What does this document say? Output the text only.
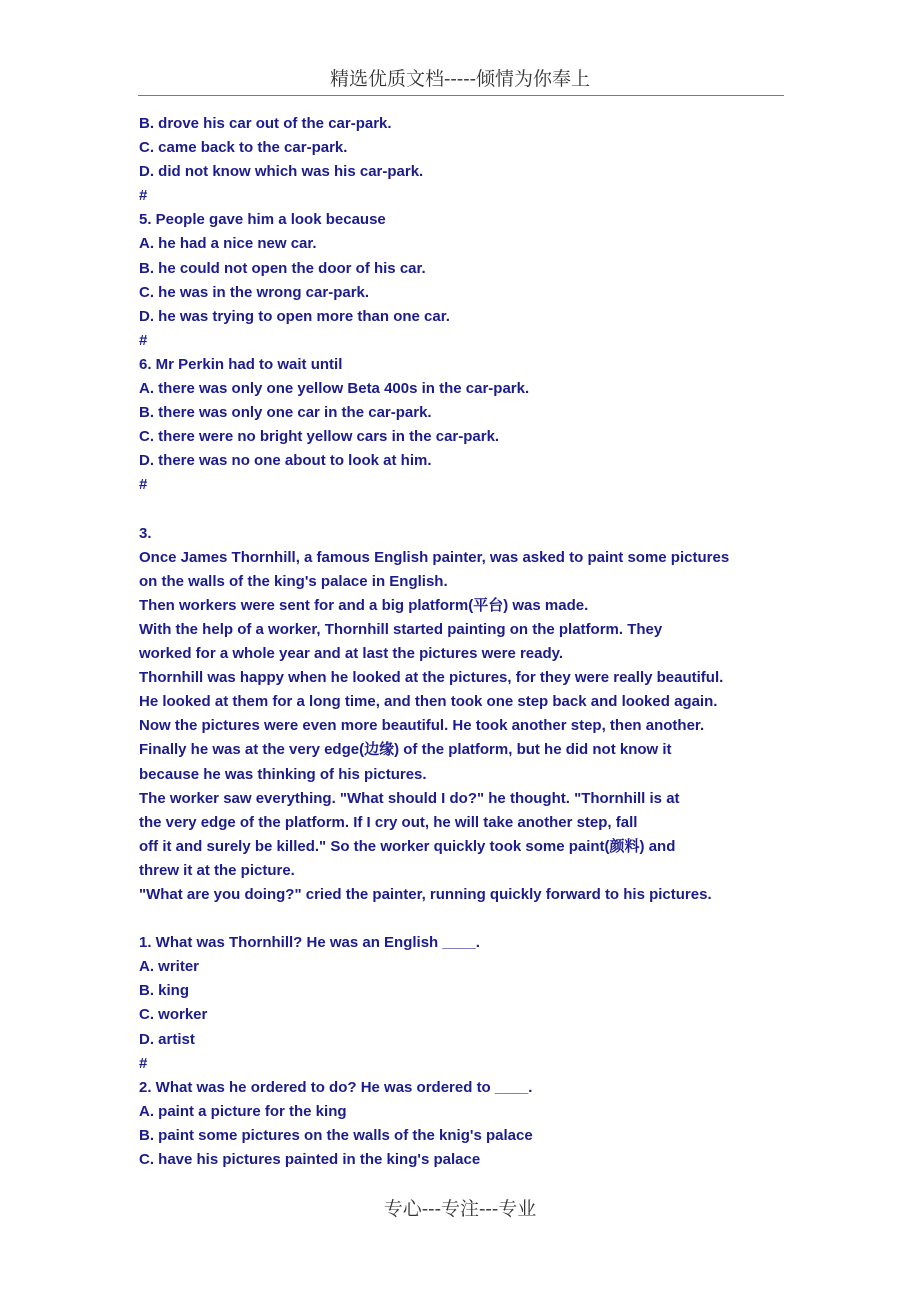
精选优质文档-----倾情为你奉上
B. drove his car out of the car-park.
C. came back to the car-park.
D. did not know which was his car-park.
#
5. People gave him a look because
A. he had a nice new car.
B. he could not open the door of his car.
C. he was in the wrong car-park.
D. he was trying to open more than one car.
#
6. Mr Perkin had to wait until
A. there was only one yellow Beta 400s in the car-park.
B. there was only one car in the car-park.
C. there were no bright yellow cars in the car-park.
D. there was no one about to look at him.
#
3.
Once James Thornhill, a famous English painter, was asked to paint some pictures
on the walls of the king's palace in English.
Then workers were sent for and a big platform(平台) was made.
With the help of a worker, Thornhill started painting on the platform. They
worked for a whole year and at last the pictures were ready.
Thornhill was happy when he looked at the pictures, for they were really beautiful.
He looked at them for a long time, and then took one step back and looked again.
Now the pictures were even more beautiful. He took another step, then another.
Finally he was at the very edge(边缘) of the platform, but he did not know it
because he was thinking of his pictures.
The worker saw everything. "What should I do?" he thought. "Thornhill is at
the very edge of the platform. If I cry out, he will take another step, fall
off it and surely be killed." So the worker quickly took some paint(颜料) and
threw it at the picture.
"What are you doing?" cried the painter, running quickly forward to his pictures.
1. What was Thornhill? He was an English ____.
A. writer
B. king
C. worker
D. artist
#
2. What was he ordered to do? He was ordered to ____.
A. paint a picture for the king
B. paint some pictures on the walls of the knig's palace
C. have his pictures painted in the king's palace
专心---专注---专业
